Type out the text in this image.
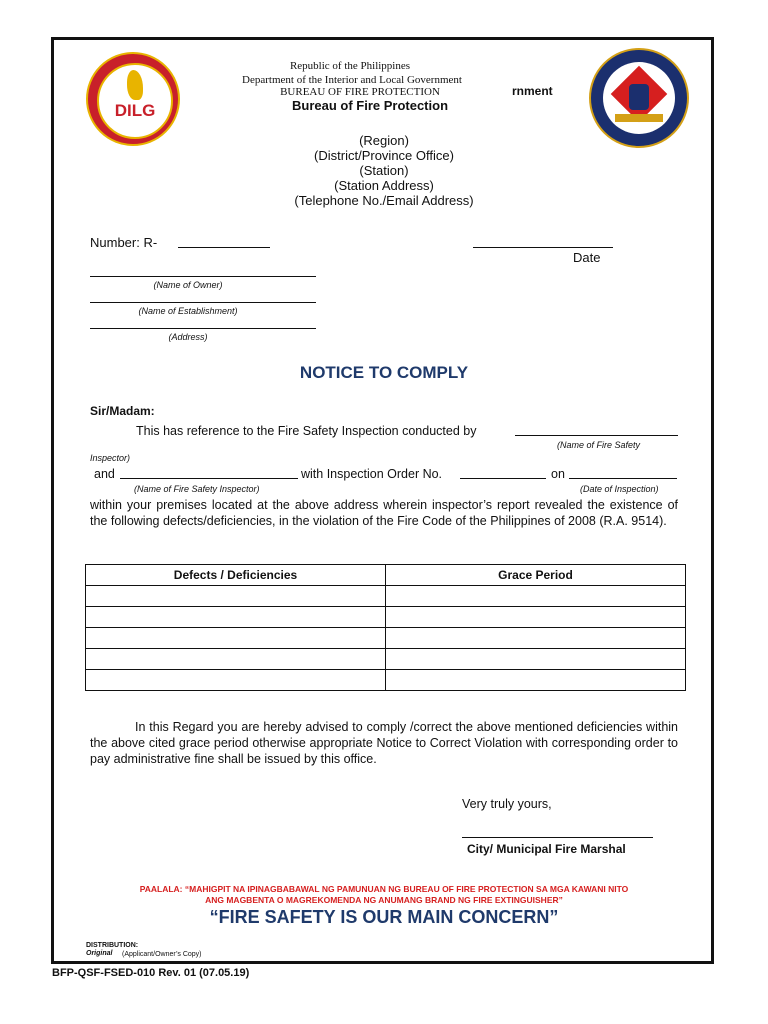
DILG
Republic of the Philippines
Department of the Interior and Local Government
BUREAU OF FIRE PROTECTION
Bureau of Fire Protection
rnment
(Region)
(District/Province Office)
(Station)
(Station Address)
(Telephone No./Email Address)
Number: R-
Date
(Name of Owner)
(Name of Establishment)
(Address)
NOTICE TO COMPLY
Sir/Madam:
This has reference to the Fire Safety Inspection conducted by
(Name of Fire Safety
Inspector)
and	with Inspection Order No.	on
(Name of Fire Safety Inspector)	(Date of Inspection)
within your premises located at the above address wherein inspector’s report revealed the existence of the following defects/deficiencies, in the violation of the Fire Code of the Philippines of 2008 (R.A. 9514).
Defects / Deficiencies	Grace Period

In this Regard you are hereby advised to comply /correct the above mentioned deficiencies within the above cited grace period otherwise appropriate Notice to Correct Violation with corresponding order to pay administrative fine shall be issued by this office.
Very truly yours,
City/ Municipal Fire Marshal
PAALALA: “MAHIGPIT NA IPINAGBABAWAL NG PAMUNUAN NG BUREAU OF FIRE PROTECTION SA MGA KAWANI NITO
ANG MAGBENTA O MAGREKOMENDA NG ANUMANG BRAND NG FIRE EXTINGUISHER”
“FIRE SAFETY IS OUR MAIN CONCERN”
DISTRIBUTION:
Original (Applicant/Owner’s Copy)
BFP-QSF-FSED-010 Rev. 01 (07.05.19)
